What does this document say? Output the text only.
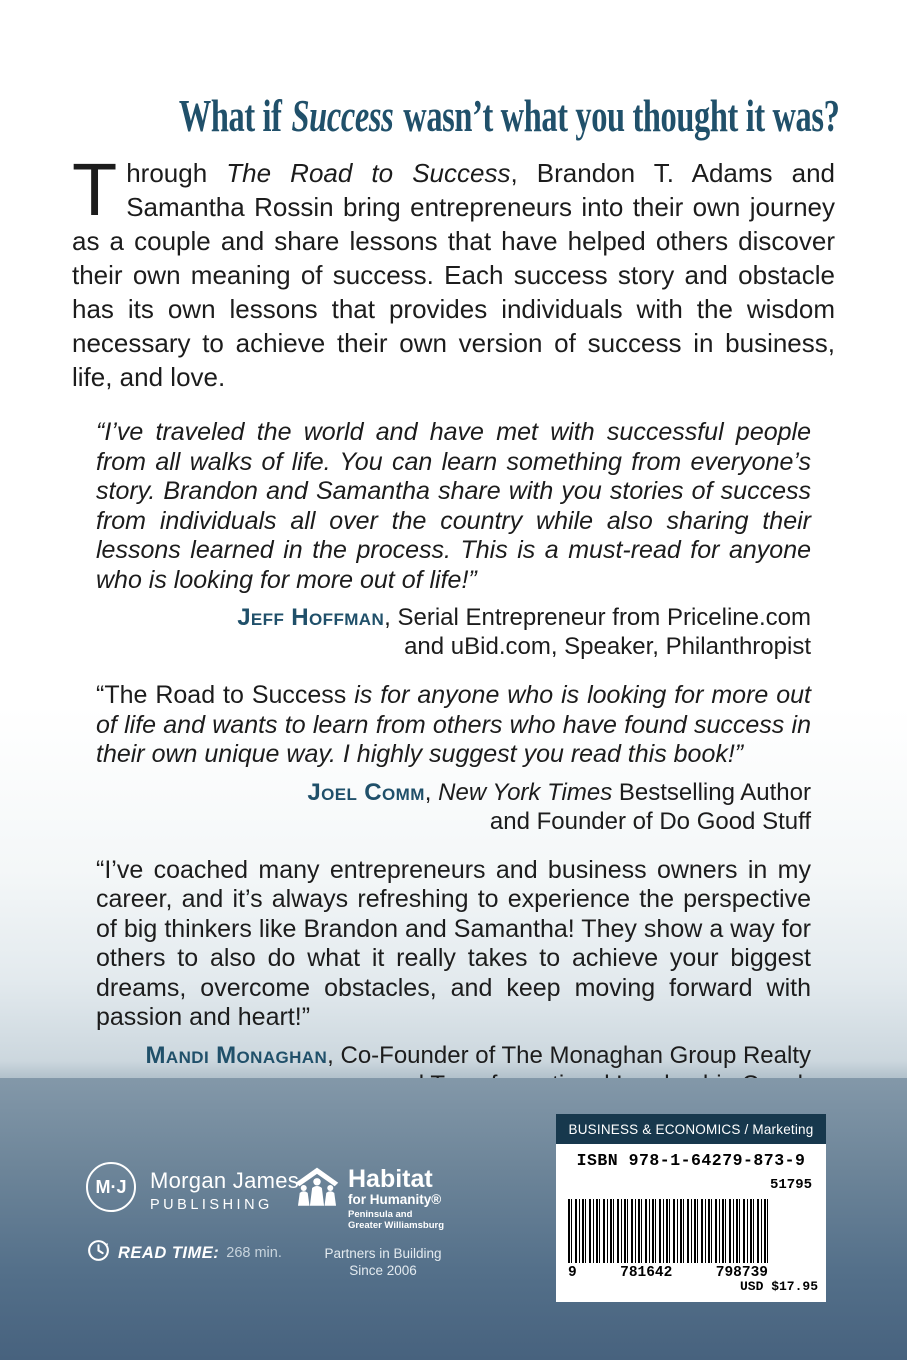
What if Success wasn’t what you thought it was?

Through The Road to Success, Brandon T. Adams and Samantha Rossin bring entrepreneurs into their own journey as a couple and share lessons that have helped others discover their own meaning of success. Each success story and obstacle has its own lessons that provides individuals with the wisdom necessary to achieve their own version of success in business, life, and love.

“I’ve traveled the world and have met with successful people from all walks of life. You can learn something from everyone’s story. Brandon and Samantha share with you stories of success from individuals all over the country while also sharing their lessons learned in the process. This is a must-read for anyone who is looking for more out of life!”

Jeff Hoffman, Serial Entrepreneur from Priceline.com
and uBid.com, Speaker, Philanthropist

“The Road to Success is for anyone who is looking for more out of life and wants to learn from others who have found success in their own unique way. I highly suggest you read this book!”

Joel Comm, New York Times Bestselling Author
and Founder of Do Good Stuff

“I’ve coached many entrepreneurs and business owners in my career, and it’s always refreshing to experience the perspective of big thinkers like Brandon and Samantha! They show a way for others to also do what it really takes to achieve your biggest dreams, overcome obstacles, and keep moving forward with passion and heart!”

Mandi Monaghan, Co-Founder of The Monaghan Group Realty
M·J Morgan James
PUBLISHING
READ TIME: 268 min.
Habitat
for Humanity®
Peninsula and
Greater Williamsburg
Partners in Building
Since 2006
BUSINESS & ECONOMICS / Marketing
ISBN 978-1-64279-873-9
51795
9	781642	798739
USD $17.95
